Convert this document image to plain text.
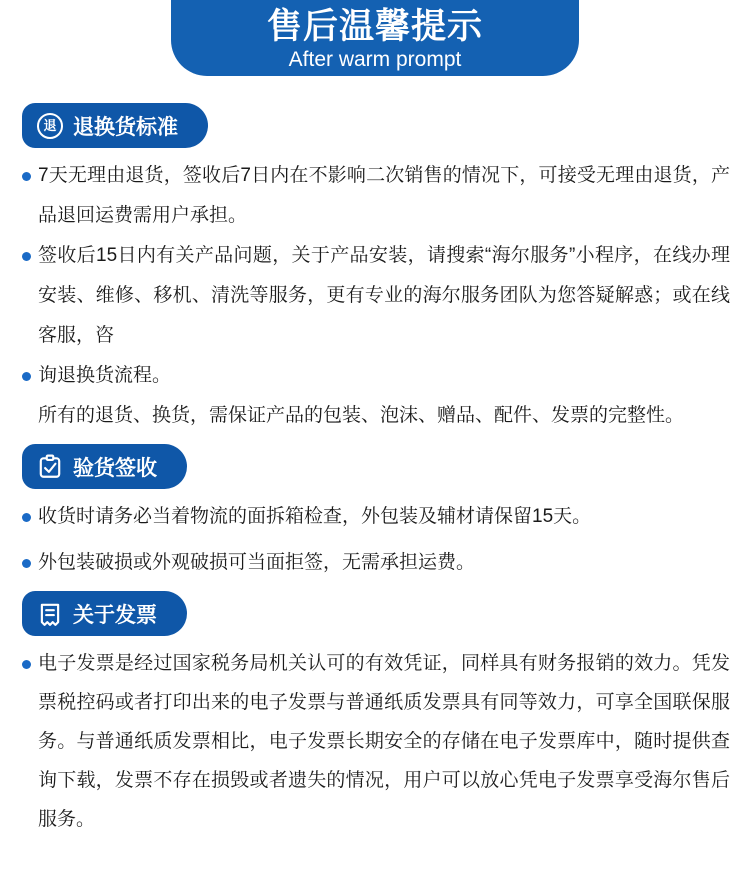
售后温馨提示
After warm prompt
退 退换货标准
7天无理由退货，签收后7日内在不影响二次销售的情况下，可接受无理由退货，产品退回运费需用户承担。
签收后15日内有关产品问题，关于产品安装，请搜索“海尔服务”小程序，在线办理安装、维修、移机、清洗等服务，更有专业的海尔服务团队为您答疑解惑；或在线客服，咨
询退换货流程。
所有的退货、换货，需保证产品的包装、泡沫、赠品、配件、发票的完整性。
验货签收
收货时请务必当着物流的面拆箱检查，外包装及辅材请保留15天。
外包装破损或外观破损可当面拒签，无需承担运费。
关于发票
电子发票是经过国家税务局机关认可的有效凭证，同样具有财务报销的效力。凭发票税控码或者打印出来的电子发票与普通纸质发票具有同等效力，可享全国联保服务。与普通纸质发票相比，电子发票长期安全的存储在电子发票库中，随时提供查询下载，发票不存在损毁或者遗失的情况，用户可以放心凭电子发票享受海尔售后服务。
